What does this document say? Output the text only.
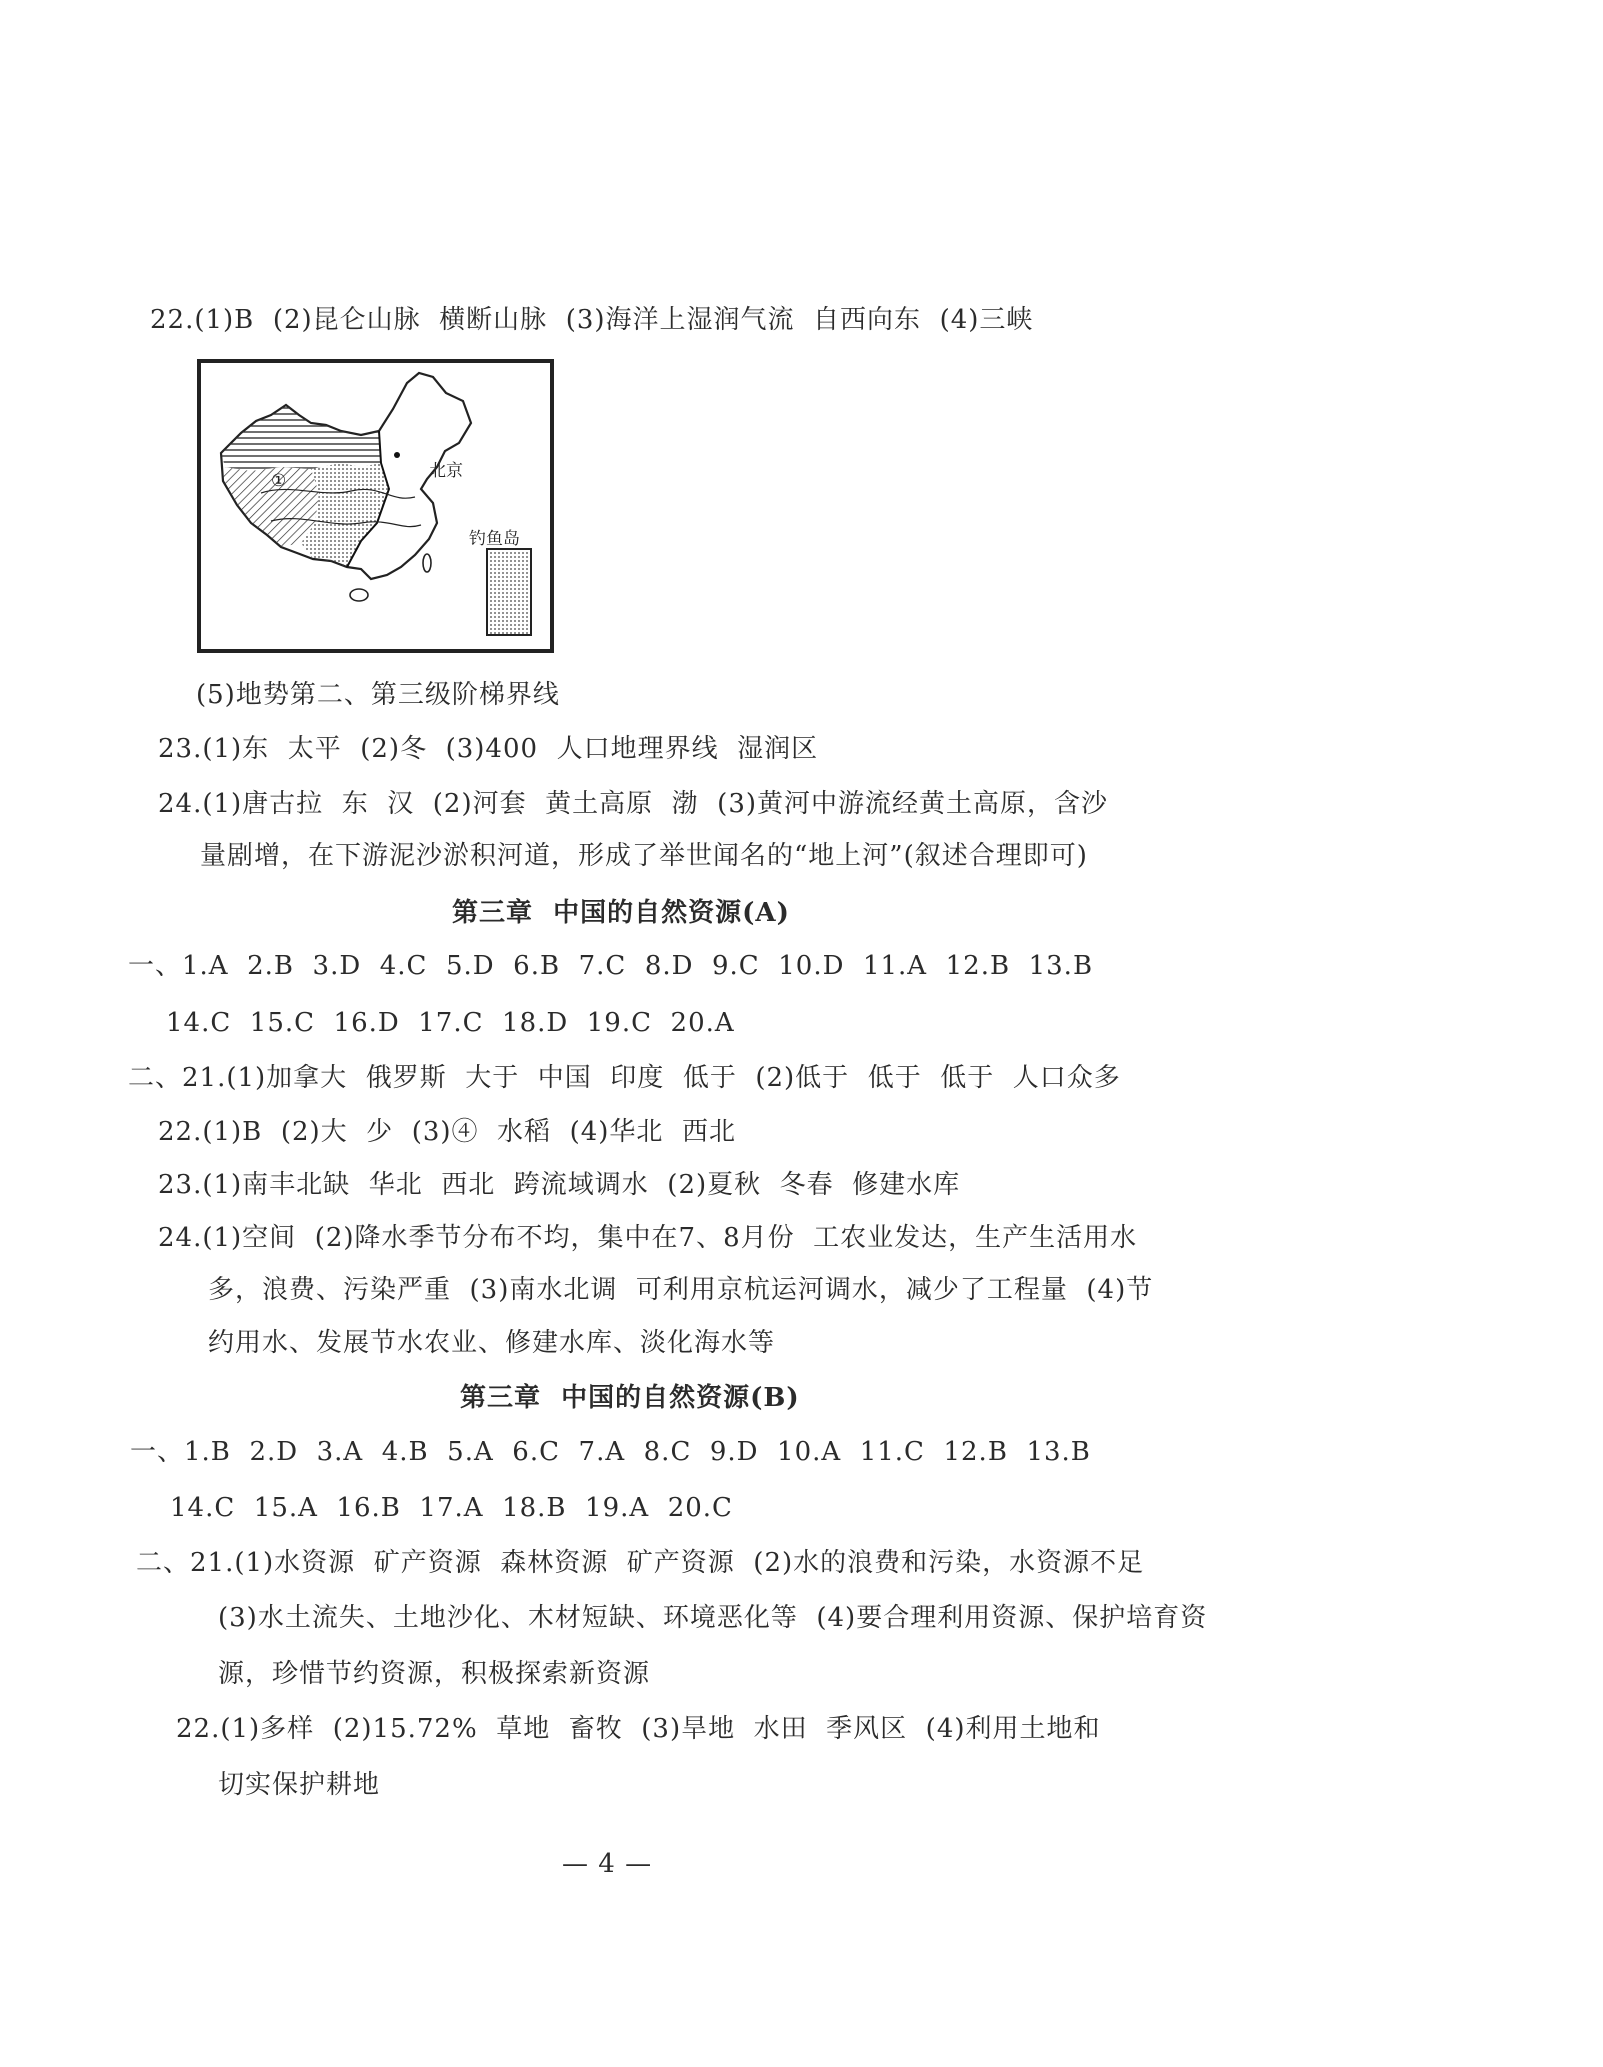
22.(1)B  (2)昆仑山脉  横断山脉  (3)海洋上湿润气流  自西向东  (4)三峡
北京
钓鱼岛
①
(5)地势第二、第三级阶梯界线
23.(1)东  太平  (2)冬  (3)400  人口地理界线  湿润区
24.(1)唐古拉  东  汉  (2)河套  黄土高原  渤  (3)黄河中游流经黄土高原，含沙
量剧增，在下游泥沙淤积河道，形成了举世闻名的“地上河”(叙述合理即可)
第三章  中国的自然资源(A)
一、1.A  2.B  3.D  4.C  5.D  6.B  7.C  8.D  9.C  10.D  11.A  12.B  13.B
14.C  15.C  16.D  17.C  18.D  19.C  20.A
二、21.(1)加拿大  俄罗斯  大于  中国  印度  低于  (2)低于  低于  低于  人口众多
22.(1)B  (2)大  少  (3)④  水稻  (4)华北  西北
23.(1)南丰北缺  华北  西北  跨流域调水  (2)夏秋  冬春  修建水库
24.(1)空间  (2)降水季节分布不均，集中在7、8月份  工农业发达，生产生活用水
多，浪费、污染严重  (3)南水北调  可利用京杭运河调水，减少了工程量  (4)节
约用水、发展节水农业、修建水库、淡化海水等
第三章  中国的自然资源(B)
一、1.B  2.D  3.A  4.B  5.A  6.C  7.A  8.C  9.D  10.A  11.C  12.B  13.B
14.C  15.A  16.B  17.A  18.B  19.A  20.C
二、21.(1)水资源  矿产资源  森林资源  矿产资源  (2)水的浪费和污染，水资源不足
(3)水土流失、土地沙化、木材短缺、环境恶化等  (4)要合理利用资源、保护培育资
源，珍惜节约资源，积极探索新资源
22.(1)多样  (2)15.72%  草地  畜牧  (3)旱地  水田  季风区  (4)利用土地和
切实保护耕地
— 4 —
